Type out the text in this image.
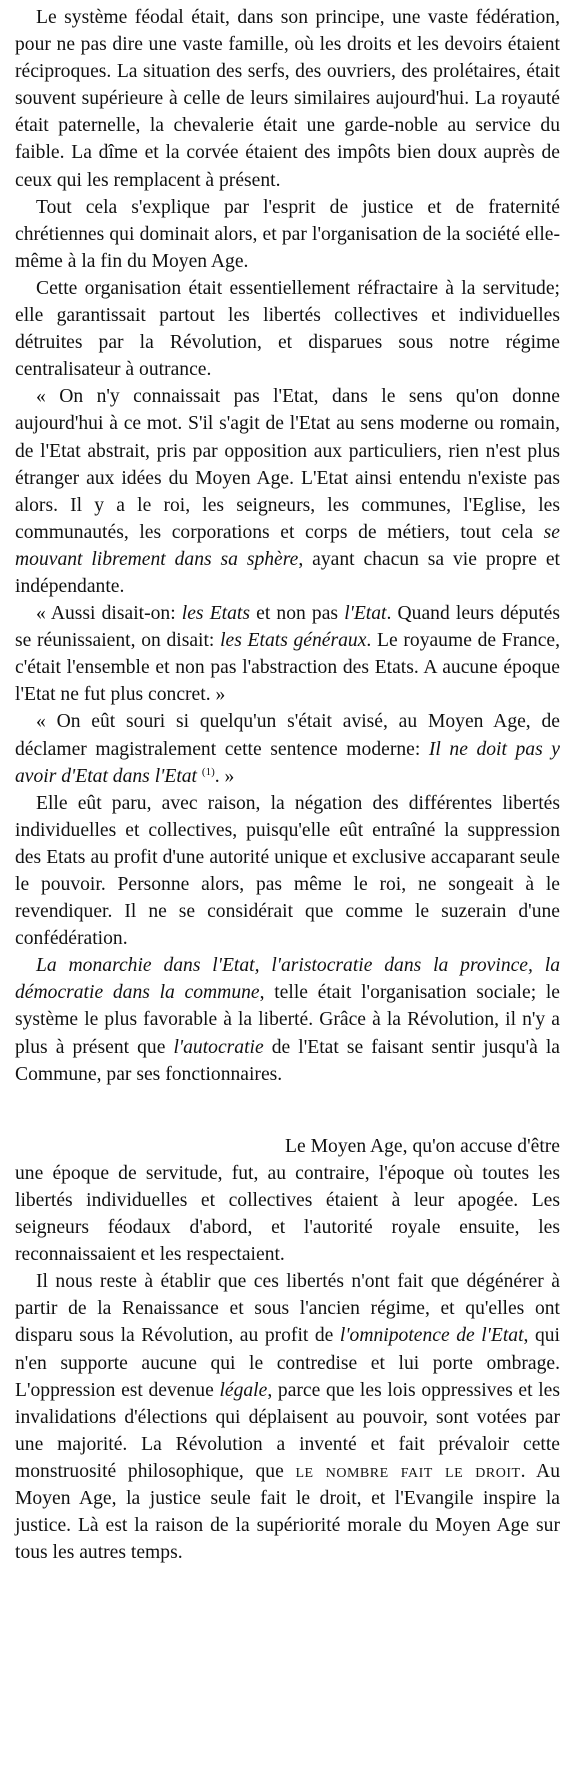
Le système féodal était, dans son principe, une vaste fédération, pour ne pas dire une vaste famille, où les droits et les devoirs étaient réciproques. La situation des serfs, des ouvriers, des prolétaires, était souvent supérieure à celle de leurs similaires aujourd'hui. La royauté était paternelle, la chevalerie était une garde-noble au service du faible. La dîme et la corvée étaient des impôts bien doux auprès de ceux qui les remplacent à présent.

Tout cela s'explique par l'esprit de justice et de fraternité chrétiennes qui dominait alors, et par l'organisation de la société elle-même à la fin du Moyen Age.

Cette organisation était essentiellement réfractaire à la servitude; elle garantissait partout les libertés collectives et individuelles détruites par la Révolution, et disparues sous notre régime centralisateur à outrance.

« On n'y connaissait pas l'Etat, dans le sens qu'on donne aujourd'hui à ce mot. S'il s'agit de l'Etat au sens moderne ou romain, de l'Etat abstrait, pris par opposition aux particuliers, rien n'est plus étranger aux idées du Moyen Age. L'Etat ainsi entendu n'existe pas alors. Il y a le roi, les seigneurs, les communes, l'Eglise, les communautés, les corporations et corps de métiers, tout cela se mouvant librement dans sa sphère, ayant chacun sa vie propre et indépendante.

« Aussi disait-on: les Etats et non pas l'Etat. Quand leurs députés se réunissaient, on disait: les Etats généraux. Le royaume de France, c'était l'ensemble et non pas l'abstraction des Etats. A aucune époque l'Etat ne fut plus concret. »

« On eût souri si quelqu'un s'était avisé, au Moyen Age, de déclamer magistralement cette sentence moderne: Il ne doit pas y avoir d'Etat dans l'Etat $^{(1)}$. »

Elle eût paru, avec raison, la négation des différentes libertés individuelles et collectives, puisqu'elle eût entraîné la suppression des Etats au profit d'une autorité unique et exclusive accaparant seule le pouvoir. Personne alors, pas même le roi, ne songeait à le revendiquer. Il ne se considérait que comme le suzerain d'une confédération.

La monarchie dans l'Etat, l'aristocratie dans la province, la démocratie dans la commune, telle était l'organisation sociale; le système le plus favorable à la liberté. Grâce à la Révolution, il n'y a plus à présent que l'autocratie de l'Etat se faisant sentir jusqu'à la Commune, par ses fonctionnaires.

Le Moyen Age, qu'on accuse d'être une époque de servitude, fut, au contraire, l'époque où toutes les libertés individuelles et collectives étaient à leur apogée. Les seigneurs féodaux d'abord, et l'autorité royale ensuite, les reconnaissaient et les respectaient.

Il nous reste à établir que ces libertés n'ont fait que dégénérer à partir de la Renaissance et sous l'ancien régime, et qu'elles ont disparu sous la Révolution, au profit de l'omnipotence de l'Etat, qui n'en supporte aucune qui le contredise et lui porte ombrage. L'oppression est devenue légale, parce que les lois oppressives et les invalidations d'élections qui déplaisent au pouvoir, sont votées par une majorité. La Révolution a inventé et fait prévaloir cette monstruosité philosophique, que le nombre fait le droit. Au Moyen Age, la justice seule fait le droit, et l'Evangile inspire la justice. Là est la raison de la supériorité morale du Moyen Age sur tous les autres temps.
